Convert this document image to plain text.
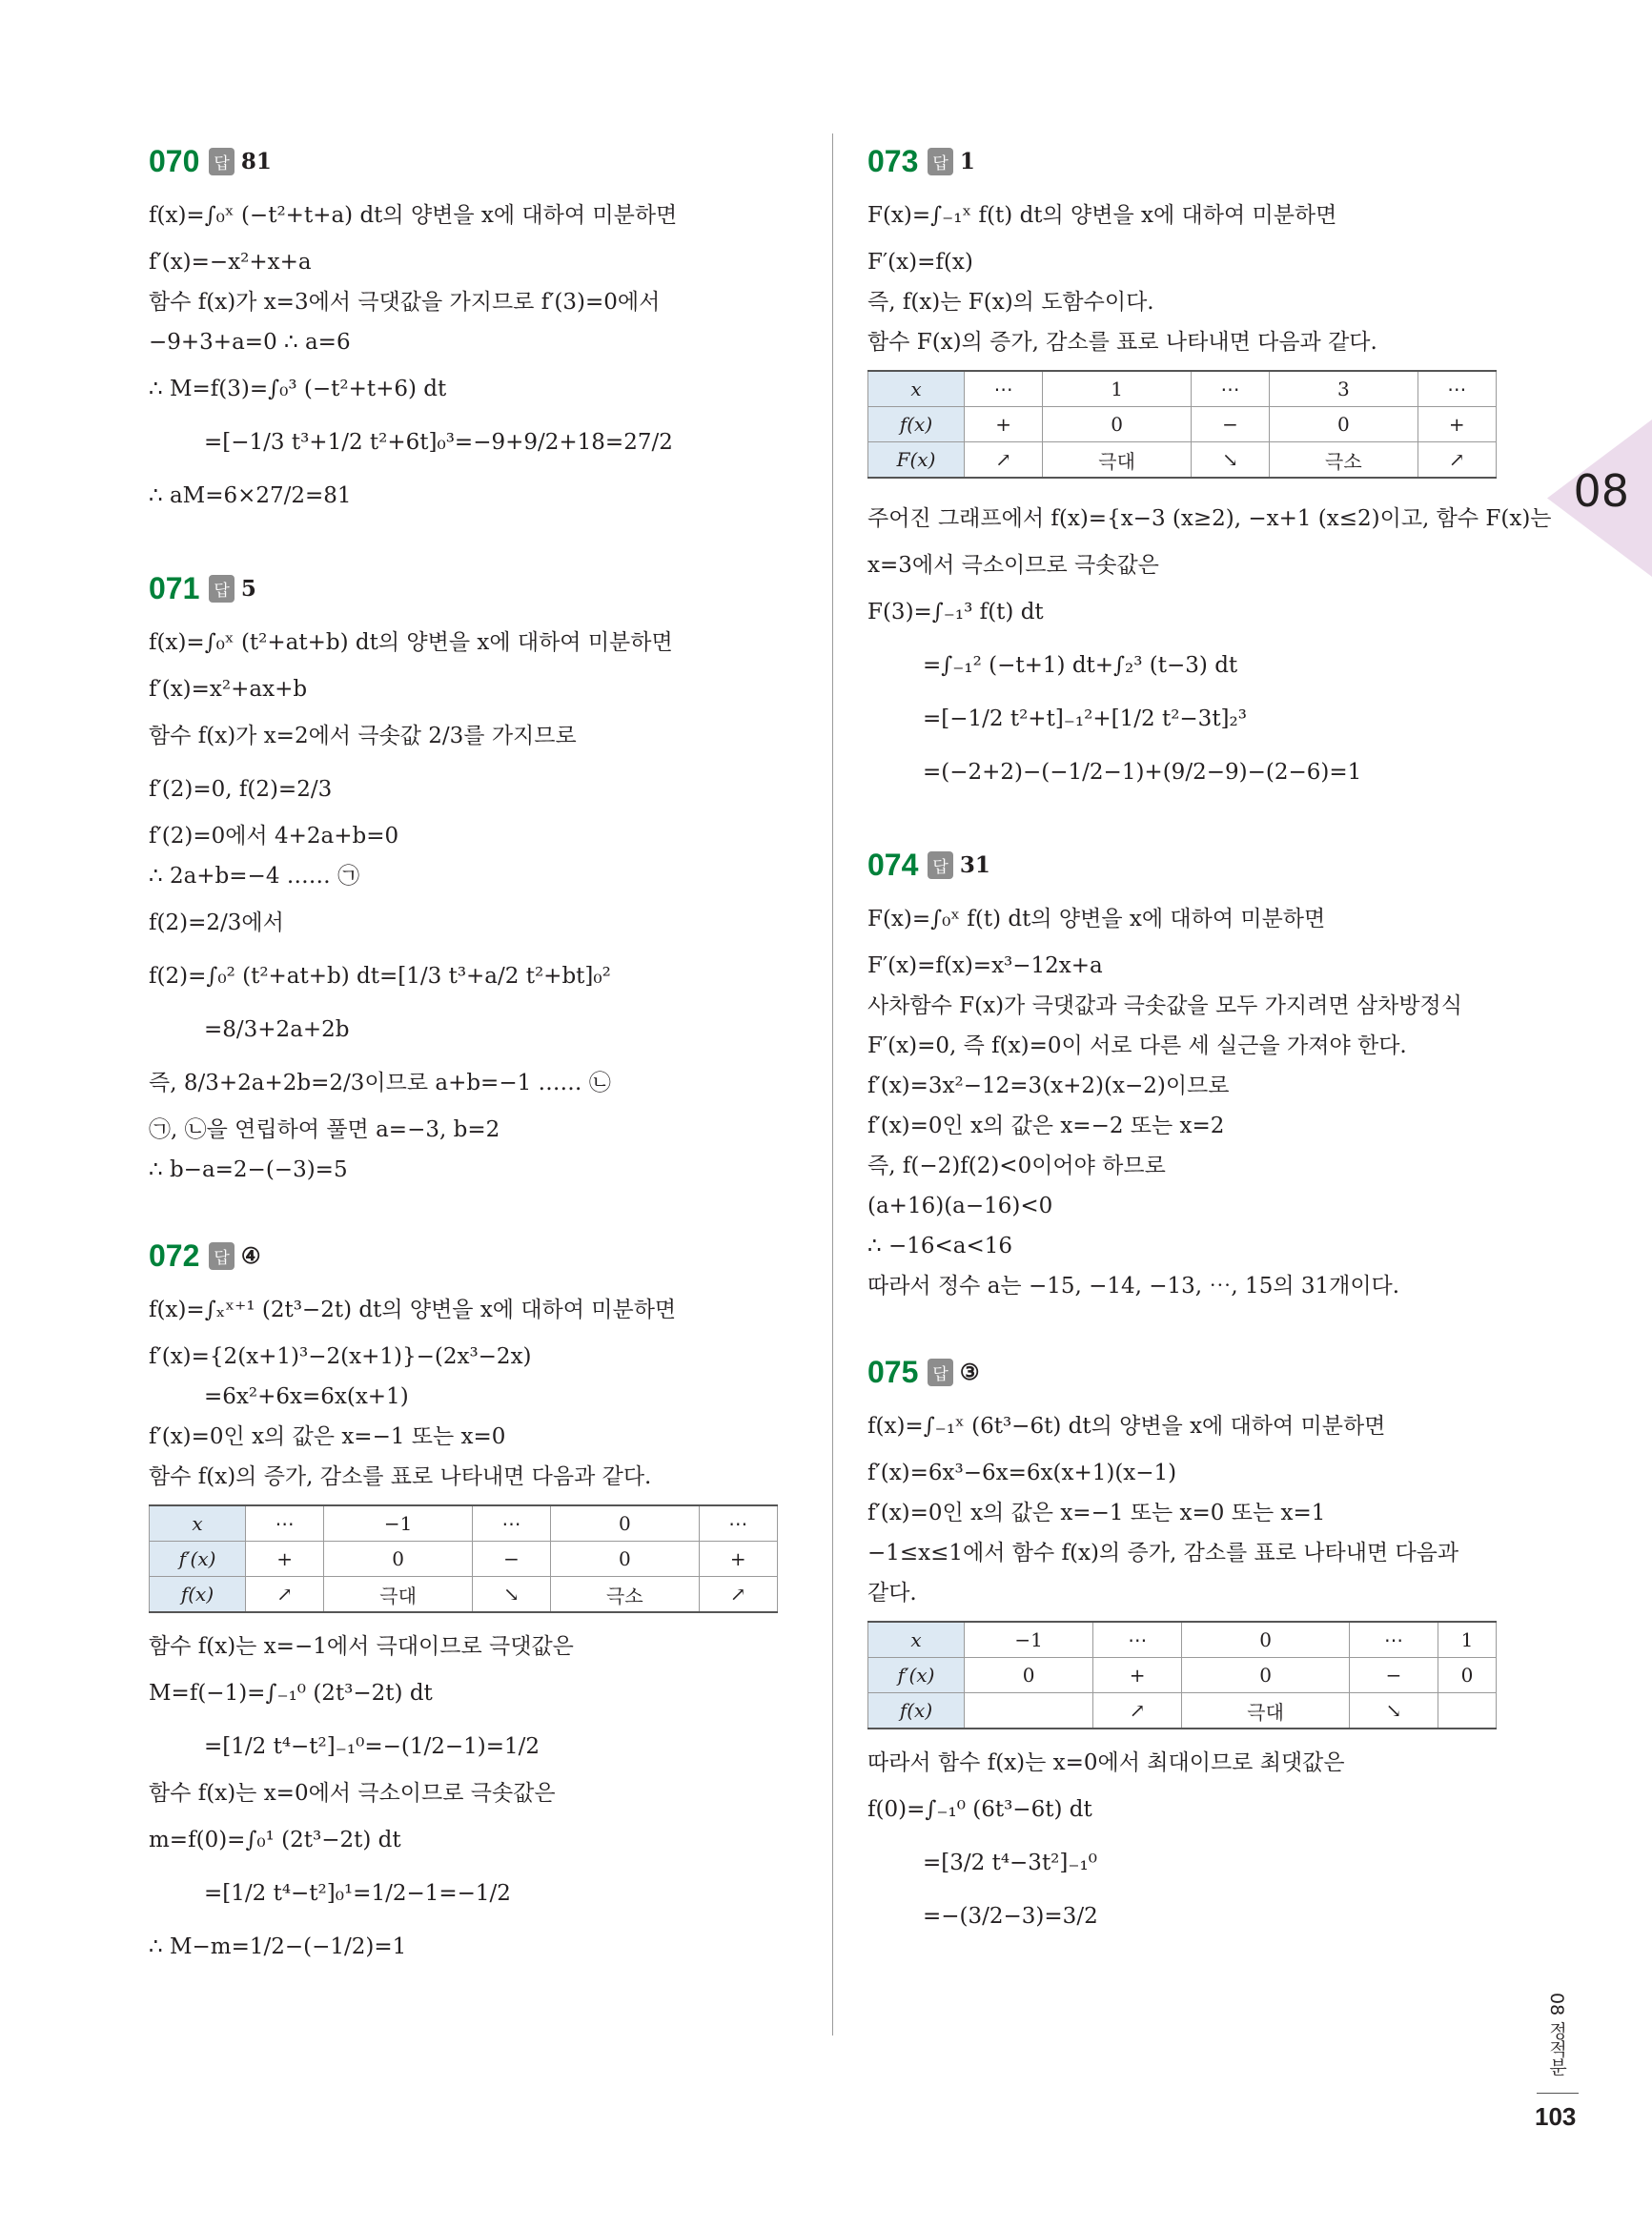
070 답 81
f(x)=∫₀ˣ (−t²+t+a) dt의 양변을 x에 대하여 미분하면
f′(x)=−x²+x+a
함수 f(x)가 x=3에서 극댓값을 가지므로 f′(3)=0에서
−9+3+a=0 ∴ a=6
∴ M=f(3)=∫₀³ (−t²+t+6) dt
=[−1/3 t³+1/2 t²+6t]₀³=−9+9/2+18=27/2
∴ aM=6×27/2=81
071 답 5
f(x)=∫₀ˣ (t²+at+b) dt의 양변을 x에 대하여 미분하면
f′(x)=x²+ax+b
함수 f(x)가 x=2에서 극솟값 2/3를 가지므로
f′(2)=0, f(2)=2/3
f′(2)=0에서 4+2a+b=0
∴ 2a+b=−4 …… ㉠
f(2)=2/3에서
f(2)=∫₀² (t²+at+b) dt=[1/3 t³+a/2 t²+bt]₀²
=8/3+2a+2b
즉, 8/3+2a+2b=2/3이므로 a+b=−1 …… ㉡
㉠, ㉡을 연립하여 풀면 a=−3, b=2
∴ b−a=2−(−3)=5
072 답 ④
f(x)=∫ₓˣ⁺¹ (2t³−2t) dt의 양변을 x에 대하여 미분하면
f′(x)={2(x+1)³−2(x+1)}−(2x³−2x)
=6x²+6x=6x(x+1)
f′(x)=0인 x의 값은 x=−1 또는 x=0
함수 f(x)의 증가, 감소를 표로 나타내면 다음과 같다.
x	⋯	−1	⋯	0	⋯
f′(x)	+	0	−	0	+
f(x)	↗	극대	↘	극소	↗
함수 f(x)는 x=−1에서 극대이므로 극댓값은
M=f(−1)=∫₋₁⁰ (2t³−2t) dt
=[1/2 t⁴−t²]₋₁⁰=−(1/2−1)=1/2
함수 f(x)는 x=0에서 극소이므로 극솟값은
m=f(0)=∫₀¹ (2t³−2t) dt
=[1/2 t⁴−t²]₀¹=1/2−1=−1/2
∴ M−m=1/2−(−1/2)=1
073 답 1
F(x)=∫₋₁ˣ f(t) dt의 양변을 x에 대하여 미분하면
F′(x)=f(x)
즉, f(x)는 F(x)의 도함수이다.
함수 F(x)의 증가, 감소를 표로 나타내면 다음과 같다.
x	⋯	1	⋯	3	⋯
f(x)	+	0	−	0	+
F(x)	↗	극대	↘	극소	↗
주어진 그래프에서 f(x)={x−3 (x≥2), −x+1 (x≤2)이고, 함수 F(x)는
x=3에서 극소이므로 극솟값은
F(3)=∫₋₁³ f(t) dt
=∫₋₁² (−t+1) dt+∫₂³ (t−3) dt
=[−1/2 t²+t]₋₁²+[1/2 t²−3t]₂³
=(−2+2)−(−1/2−1)+(9/2−9)−(2−6)=1
074 답 31
F(x)=∫₀ˣ f(t) dt의 양변을 x에 대하여 미분하면
F′(x)=f(x)=x³−12x+a
사차함수 F(x)가 극댓값과 극솟값을 모두 가지려면 삼차방정식
F′(x)=0, 즉 f(x)=0이 서로 다른 세 실근을 가져야 한다.
f′(x)=3x²−12=3(x+2)(x−2)이므로
f′(x)=0인 x의 값은 x=−2 또는 x=2
즉, f(−2)f(2)<0이어야 하므로
(a+16)(a−16)<0
∴ −16<a<16
따라서 정수 a는 −15, −14, −13, ⋯, 15의 31개이다.
075 답 ③
f(x)=∫₋₁ˣ (6t³−6t) dt의 양변을 x에 대하여 미분하면
f′(x)=6x³−6x=6x(x+1)(x−1)
f′(x)=0인 x의 값은 x=−1 또는 x=0 또는 x=1
−1≤x≤1에서 함수 f(x)의 증가, 감소를 표로 나타내면 다음과
같다.
x	−1	⋯	0	⋯	1
f′(x)	0	+	0	−	0
f(x)		↗	극대	↘	
따라서 함수 f(x)는 x=0에서 최대이므로 최댓값은
f(0)=∫₋₁⁰ (6t³−6t) dt
=[3/2 t⁴−3t²]₋₁⁰
=−(3/2−3)=3/2
08
08 정적분
103
